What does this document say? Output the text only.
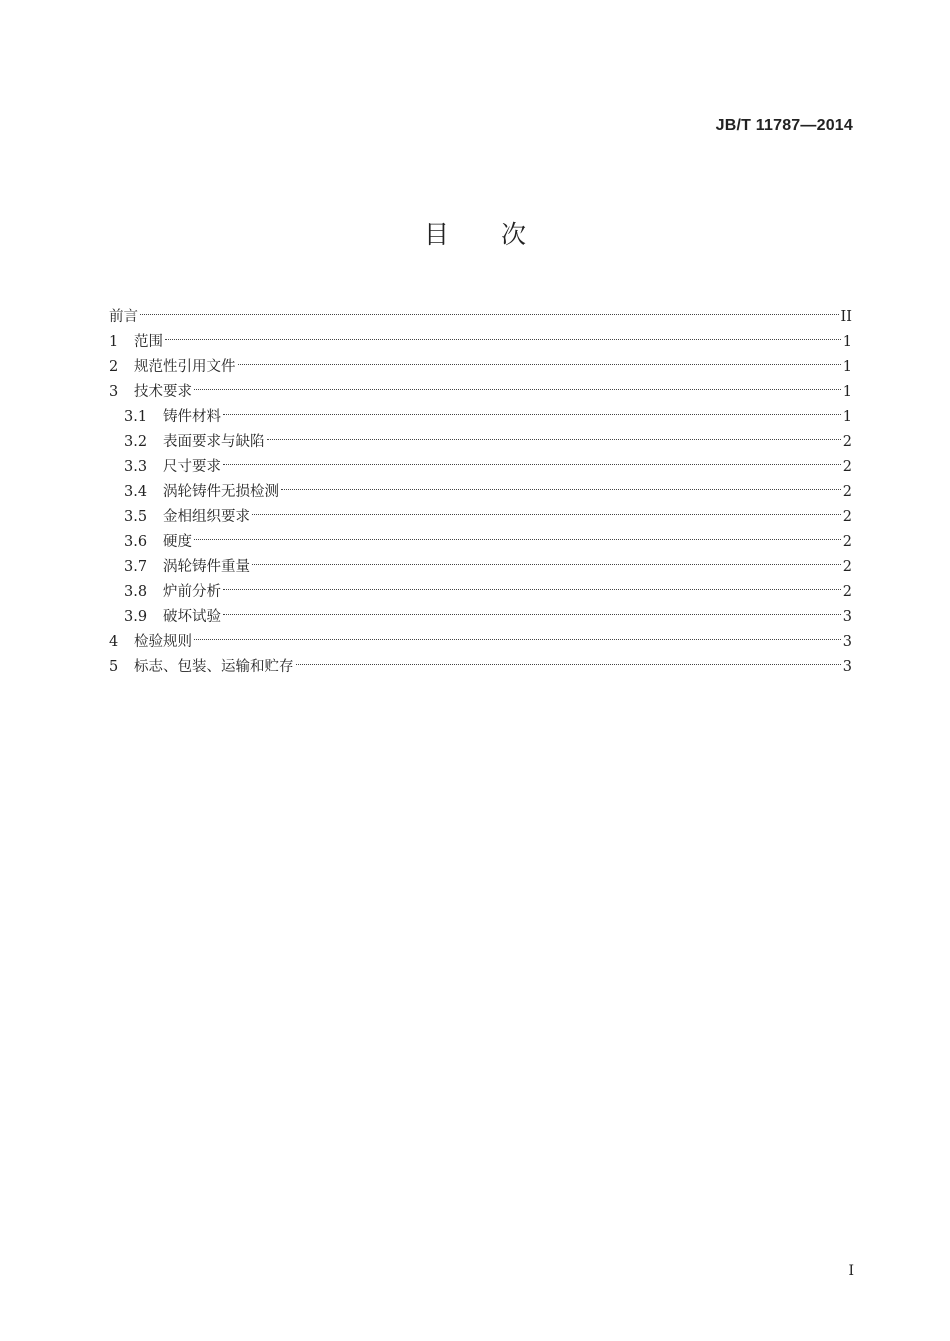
JB/T 11787—2014
目次
前言	II
1	范围	1
2	规范性引用文件	1
3	技术要求	1
3.1	铸件材料	1
3.2	表面要求与缺陷	2
3.3	尺寸要求	2
3.4	涡轮铸件无损检测	2
3.5	金相组织要求	2
3.6	硬度	2
3.7	涡轮铸件重量	2
3.8	炉前分析	2
3.9	破坏试验	3
4	检验规则	3
5	标志、包装、运输和贮存	3
I
